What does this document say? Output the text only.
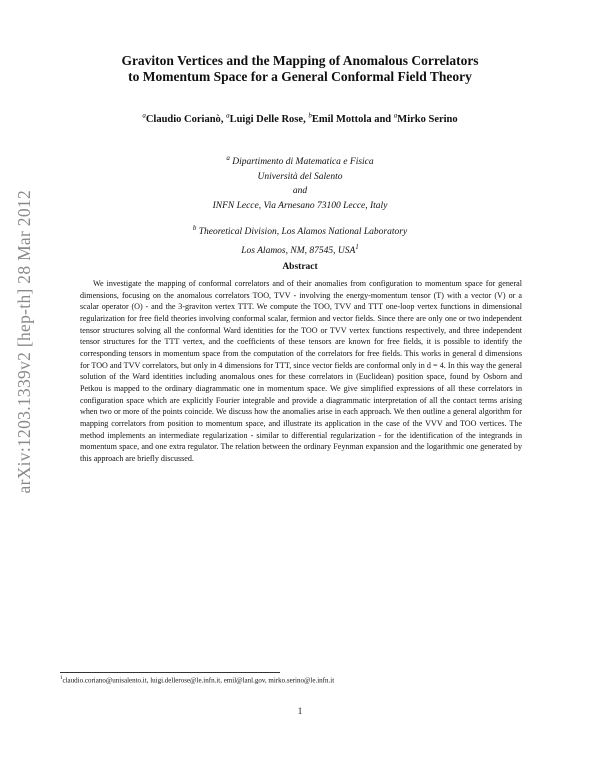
arXiv:1203.1339v2 [hep-th] 28 Mar 2012
Graviton Vertices and the Mapping of Anomalous Correlators
to Momentum Space for a General Conformal Field Theory
$^a$Claudio Corianò, $^a$Luigi Delle Rose, $^b$Emil Mottola and $^a$Mirko Serino
$^a$ Dipartimento di Matematica e Fisica
Università del Salento
and
INFN Lecce, Via Arnesano 73100 Lecce, Italy
$^b$ Theoretical Division, Los Alamos National Laboratory
Los Alamos, NM, 87545, USA$^1$
Abstract
We investigate the mapping of conformal correlators and of their anomalies from configuration to momentum space for general dimensions, focusing on the anomalous correlators TOO, TVV - involving the energy-momentum tensor (T) with a vector (V) or a scalar operator (O) - and the 3-graviton vertex TTT. We compute the TOO, TVV and TTT one-loop vertex functions in dimensional regularization for free field theories involving conformal scalar, fermion and vector fields. Since there are only one or two independent tensor structures solving all the conformal Ward identities for the TOO or TVV vertex functions respectively, and three independent tensor structures for the TTT vertex, and the coefficients of these tensors are known for free fields, it is possible to identify the corresponding tensors in momentum space from the computation of the correlators for free fields. This works in general d dimensions for TOO and TVV correlators, but only in 4 dimensions for TTT, since vector fields are conformal only in d = 4. In this way the general solution of the Ward identities including anomalous ones for these correlators in (Euclidean) position space, found by Osborn and Petkou is mapped to the ordinary diagrammatic one in momentum space. We give simplified expressions of all these correlators in configuration space which are explicitly Fourier integrable and provide a diagrammatic interpretation of all the contact terms arising when two or more of the points coincide. We discuss how the anomalies arise in each approach. We then outline a general algorithm for mapping correlators from position to momentum space, and illustrate its application in the case of the VVV and TOO vertices. The method implements an intermediate regularization - similar to differential regularization - for the identification of the integrands in momentum space, and one extra regulator. The relation between the ordinary Feynman expansion and the logarithmic one generated by this approach are briefly discussed.
$^1$claudio.coriano@unisalento.it, luigi.dellerose@le.infn.it, emil@lanl.gov, mirko.serino@le.infn.it
1
